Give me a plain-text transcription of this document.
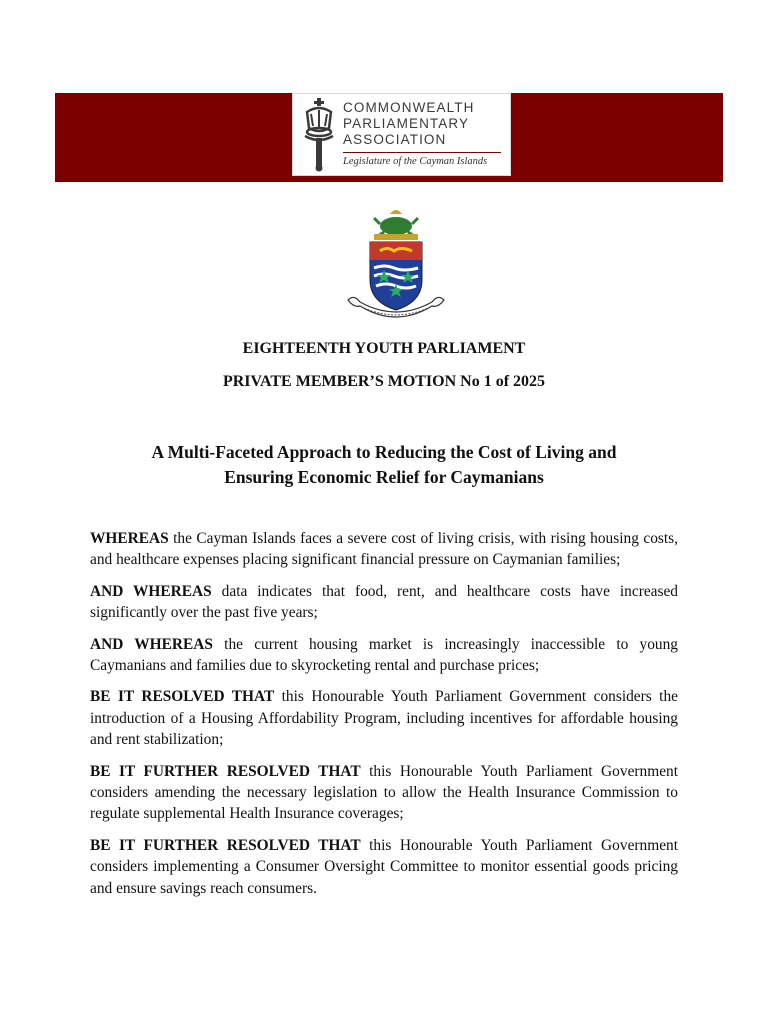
COMMONWEALTH
PARLIAMENTARY
ASSOCIATION
Legislature of the Cayman Islands
EIGHTEENTH YOUTH PARLIAMENT
PRIVATE MEMBER’S MOTION No 1 of 2025
A Multi-Faceted Approach to Reducing the Cost of Living and
Ensuring Economic Relief for Caymanians

WHEREAS the Cayman Islands faces a severe cost of living crisis, with rising housing costs, and healthcare expenses placing significant financial pressure on Caymanian families;

AND WHEREAS data indicates that food, rent, and healthcare costs have increased significantly over the past five years;

AND WHEREAS the current housing market is increasingly inaccessible to young Caymanians and families due to skyrocketing rental and purchase prices;

BE IT RESOLVED THAT this Honourable Youth Parliament Government considers the introduction of a Housing Affordability Program, including incentives for affordable housing and rent stabilization;

BE IT FURTHER RESOLVED THAT this Honourable Youth Parliament Government considers amending the necessary legislation to allow the Health Insurance Commission to regulate supplemental Health Insurance coverages;

BE IT FURTHER RESOLVED THAT this Honourable Youth Parliament Government considers implementing a Consumer Oversight Committee to monitor essential goods pricing and ensure savings reach consumers.
